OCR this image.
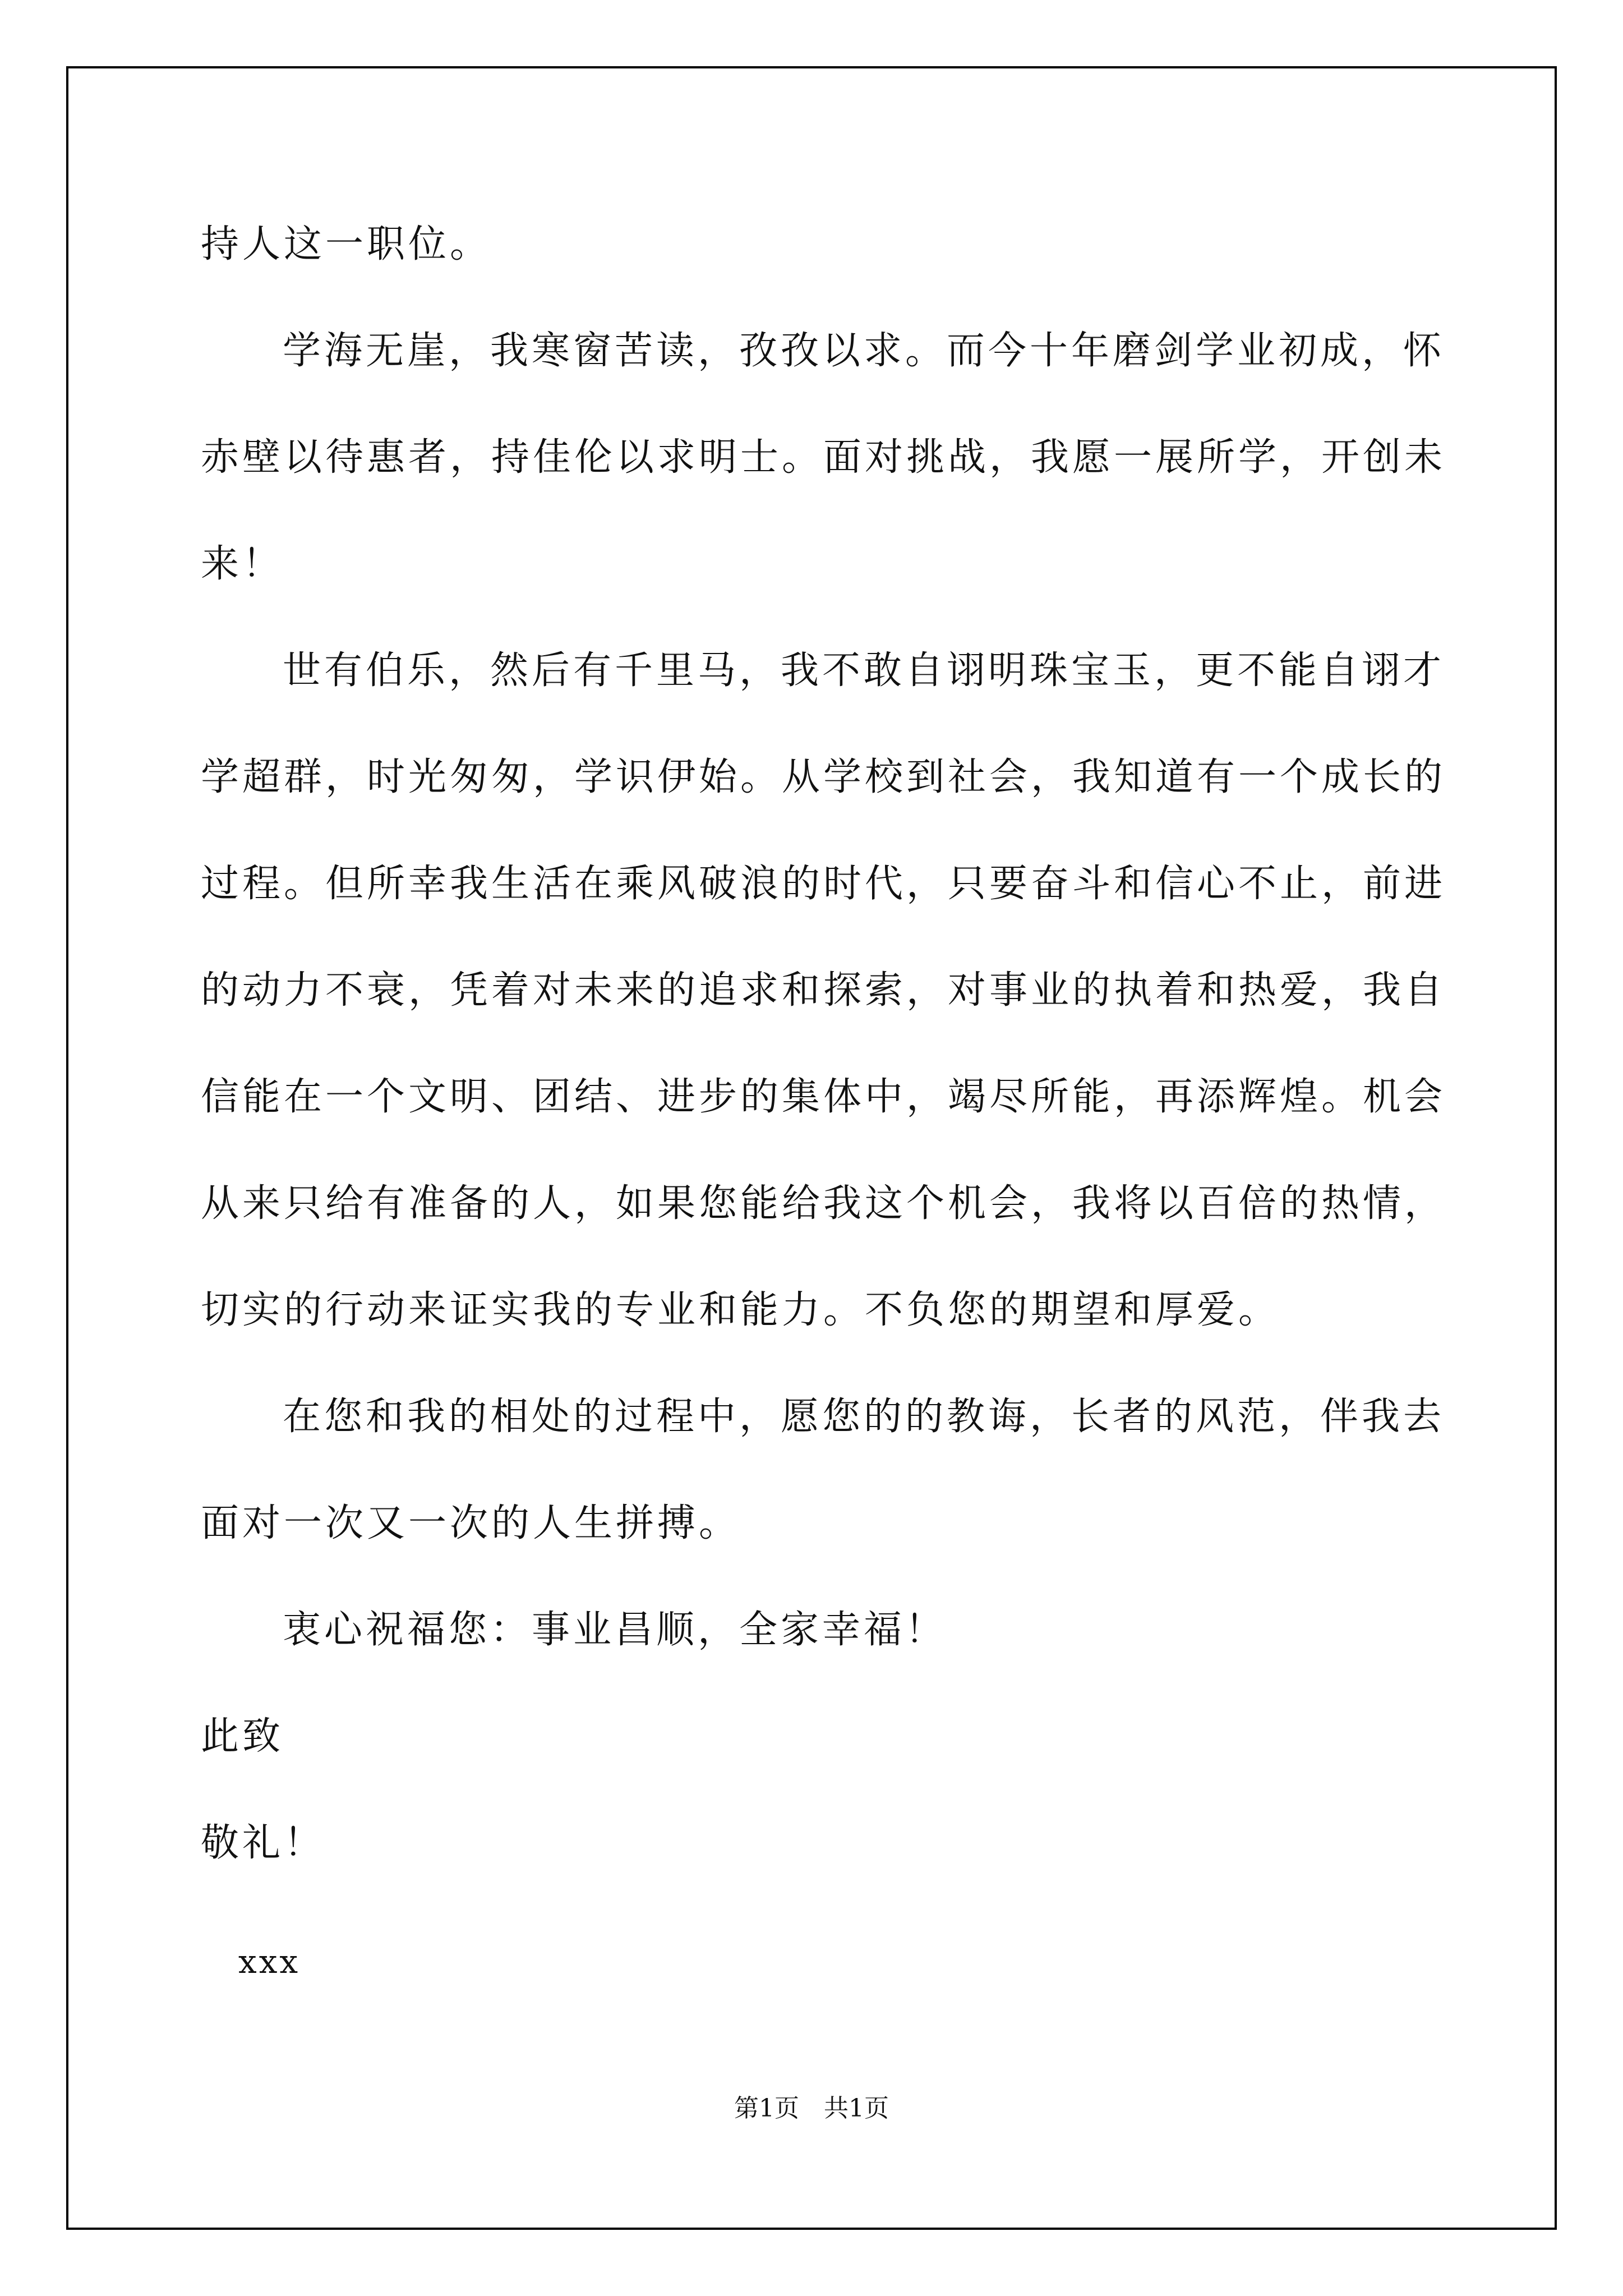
持人这一职位。
学海无崖，我寒窗苦读，孜孜以求。而今十年磨剑学业初成，怀
赤壁以待惠者，持佳伦以求明士。面对挑战，我愿一展所学，开创未
来！
世有伯乐，然后有千里马，我不敢自诩明珠宝玉，更不能自诩才
学超群，时光匆匆，学识伊始。从学校到社会，我知道有一个成长的
过程。但所幸我生活在乘风破浪的时代，只要奋斗和信心不止，前进
的动力不衰，凭着对未来的追求和探索，对事业的执着和热爱，我自
信能在一个文明、团结、进步的集体中，竭尽所能，再添辉煌。机会
从来只给有准备的人，如果您能给我这个机会，我将以百倍的热情，
切实的行动来证实我的专业和能力。不负您的期望和厚爱。
在您和我的相处的过程中，愿您的的教诲，长者的风范，伴我去
面对一次又一次的人生拼搏。
衷心祝福您：事业昌顺，全家幸福！
此致
敬礼！
xxx
第1页　共1页
